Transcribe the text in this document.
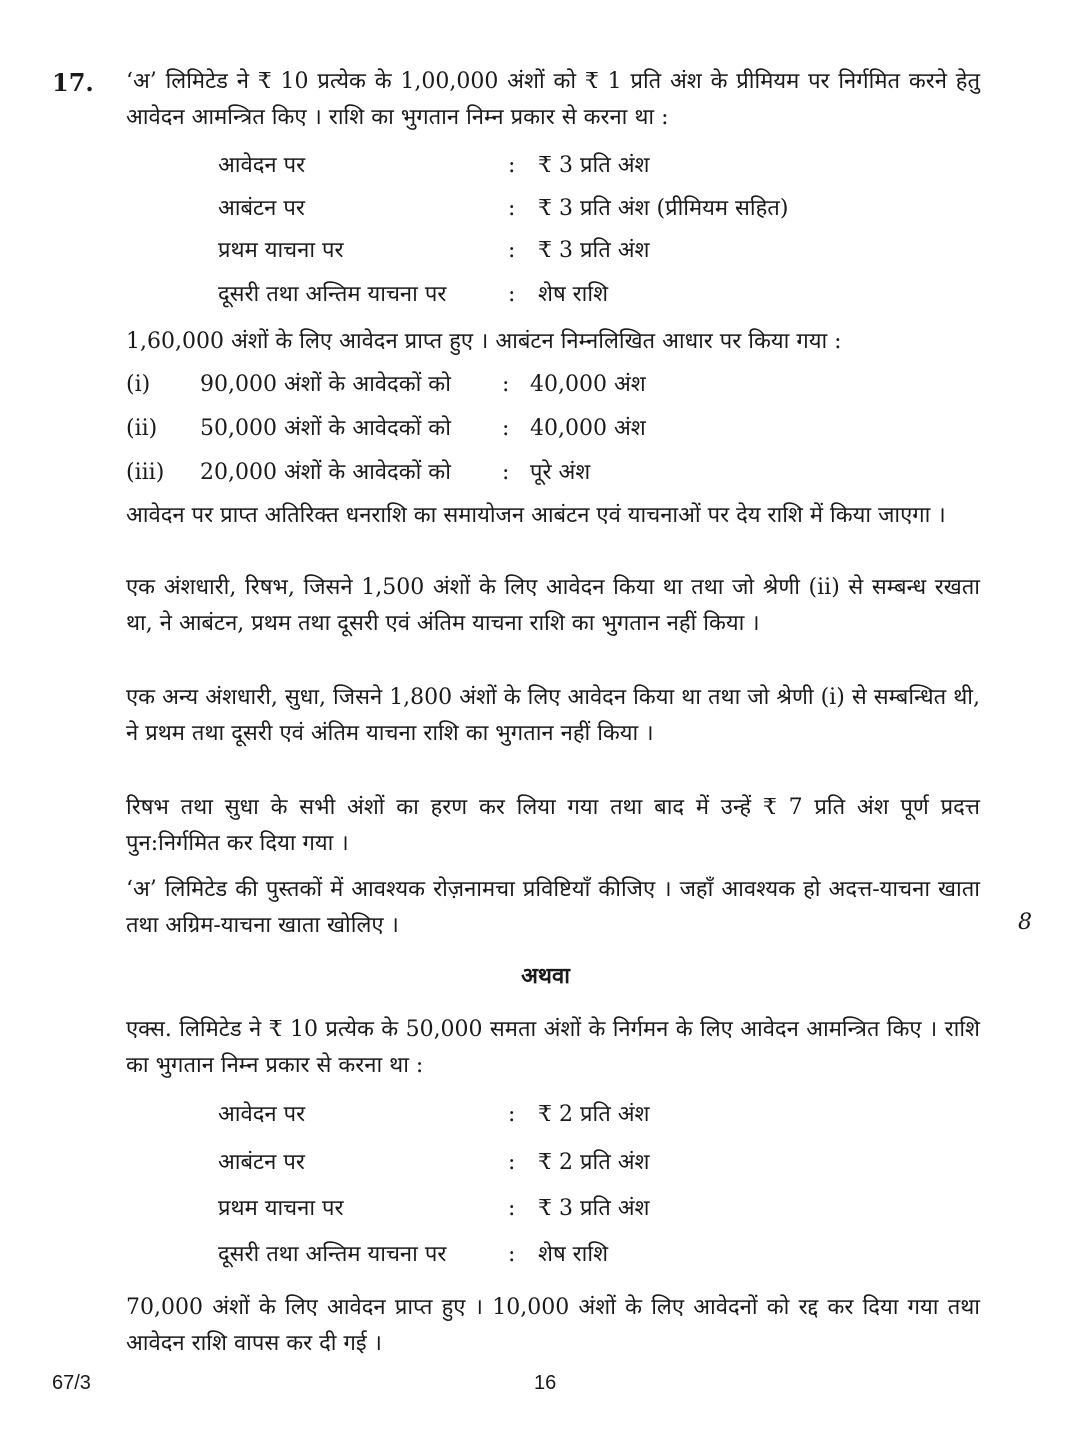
17. ‘अ’ लिमिटेड ने ₹ 10 प्रत्येक के 1,00,000 अंशों को ₹ 1 प्रति अंश के प्रीमियम पर निर्गमित करने हेतु आवेदन आमन्त्रित किए । राशि का भुगतान निम्न प्रकार से करना था :
आवेदन पर	: ₹ 3 प्रति अंश
आबंटन पर	: ₹ 3 प्रति अंश (प्रीमियम सहित)
प्रथम याचना पर	: ₹ 3 प्रति अंश
दूसरी तथा अन्तिम याचना पर	: शेष राशि
1,60,000 अंशों के लिए आवेदन प्राप्त हुए । आबंटन निम्नलिखित आधार पर किया गया :
(i) 90,000 अंशों के आवेदकों को : 40,000 अंश
(ii) 50,000 अंशों के आवेदकों को : 40,000 अंश
(iii) 20,000 अंशों के आवेदकों को : पूरे अंश
आवेदन पर प्राप्त अतिरिक्त धनराशि का समायोजन आबंटन एवं याचनाओं पर देय राशि में किया जाएगा ।
एक अंशधारी, रिषभ, जिसने 1,500 अंशों के लिए आवेदन किया था तथा जो श्रेणी (ii) से सम्बन्ध रखता था, ने आबंटन, प्रथम तथा दूसरी एवं अंतिम याचना राशि का भुगतान नहीं किया ।
एक अन्य अंशधारी, सुधा, जिसने 1,800 अंशों के लिए आवेदन किया था तथा जो श्रेणी (i) से सम्बन्धित थी, ने प्रथम तथा दूसरी एवं अंतिम याचना राशि का भुगतान नहीं किया ।
रिषभ तथा सुधा के सभी अंशों का हरण कर लिया गया तथा बाद में उन्हें ₹ 7 प्रति अंश पूर्ण प्रदत्त पुन:निर्गमित कर दिया गया ।
‘अ’ लिमिटेड की पुस्तकों में आवश्यक रोज़नामचा प्रविष्टियाँ कीजिए । जहाँ आवश्यक हो अदत्त-याचना खाता तथा अग्रिम-याचना खाता खोलिए ।	8
अथवा
एक्स. लिमिटेड ने ₹ 10 प्रत्येक के 50,000 समता अंशों के निर्गमन के लिए आवेदन आमन्त्रित किए । राशि का भुगतान निम्न प्रकार से करना था :
आवेदन पर	: ₹ 2 प्रति अंश
आबंटन पर	: ₹ 2 प्रति अंश
प्रथम याचना पर	: ₹ 3 प्रति अंश
दूसरी तथा अन्तिम याचना पर	: शेष राशि
70,000 अंशों के लिए आवेदन प्राप्त हुए । 10,000 अंशों के लिए आवेदनों को रद्द कर दिया गया तथा आवेदन राशि वापस कर दी गई ।
67/3	16
